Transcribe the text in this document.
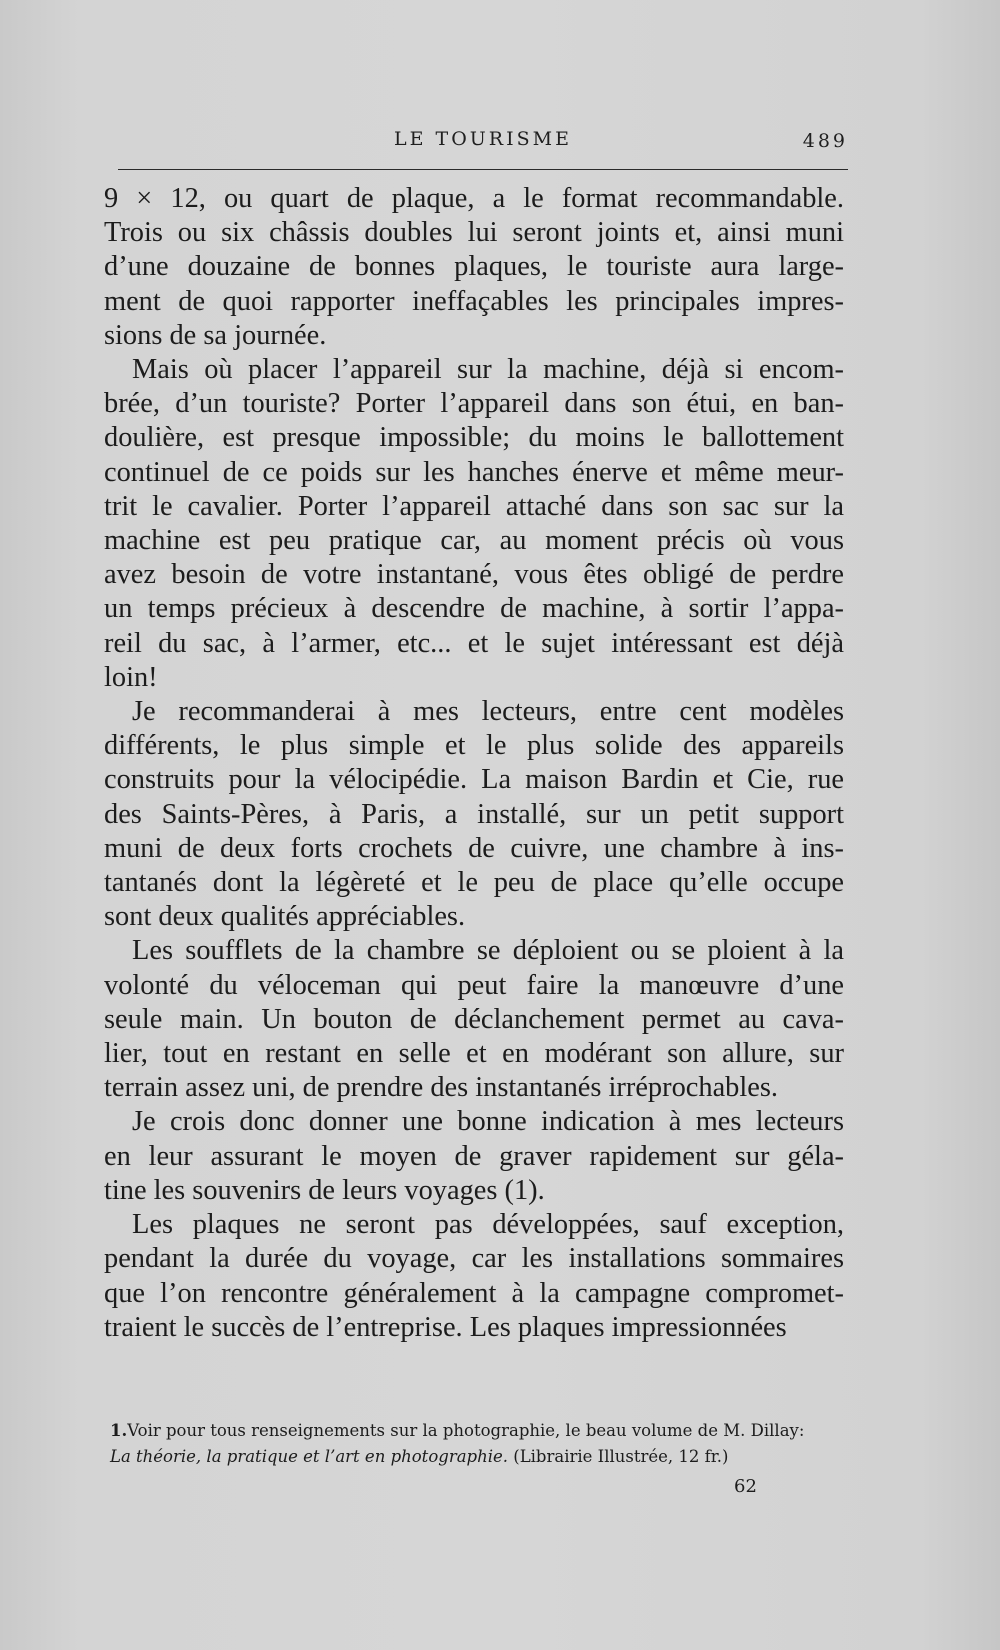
LE TOURISME	489

9 × 12, ou quart de plaque, a le format recommandable.
Trois ou six châssis doubles lui seront joints et, ainsi muni
d’une douzaine de bonnes plaques, le touriste aura large-
ment de quoi rapporter ineffaçables les principales impres-
sions de sa journée.

Mais où placer l’appareil sur la machine, déjà si encom-
brée, d’un touriste? Porter l’appareil dans son étui, en ban-
doulière, est presque impossible; du moins le ballottement
continuel de ce poids sur les hanches énerve et même meur-
trit le cavalier. Porter l’appareil attaché dans son sac sur la
machine est peu pratique car, au moment précis où vous
avez besoin de votre instantané, vous êtes obligé de perdre
un temps précieux à descendre de machine, à sortir l’appa-
reil du sac, à l’armer, etc... et le sujet intéressant est déjà
loin!

Je recommanderai à mes lecteurs, entre cent modèles
différents, le plus simple et le plus solide des appareils
construits pour la vélocipédie. La maison Bardin et Cie, rue
des Saints-Pères, à Paris, a installé, sur un petit support
muni de deux forts crochets de cuivre, une chambre à ins-
tantanés dont la légèreté et le peu de place qu’elle occupe
sont deux qualités appréciables.

Les soufflets de la chambre se déploient ou se ploient à la
volonté du véloceman qui peut faire la manœuvre d’une
seule main. Un bouton de déclanchement permet au cava-
lier, tout en restant en selle et en modérant son allure, sur
terrain assez uni, de prendre des instantanés irréprochables.

Je crois donc donner une bonne indication à mes lecteurs
en leur assurant le moyen de graver rapidement sur géla-
tine les souvenirs de leurs voyages (1).

Les plaques ne seront pas développées, sauf exception,
pendant la durée du voyage, car les installations sommaires
que l’on rencontre généralement à la campagne compromet-
traient le succès de l’entreprise. Les plaques impressionnées

1.Voir pour tous renseignements sur la photographie, le beau volume de M. Dillay:
La théorie, la pratique et l’art en photographie. (Librairie Illustrée, 12 fr.)
62
